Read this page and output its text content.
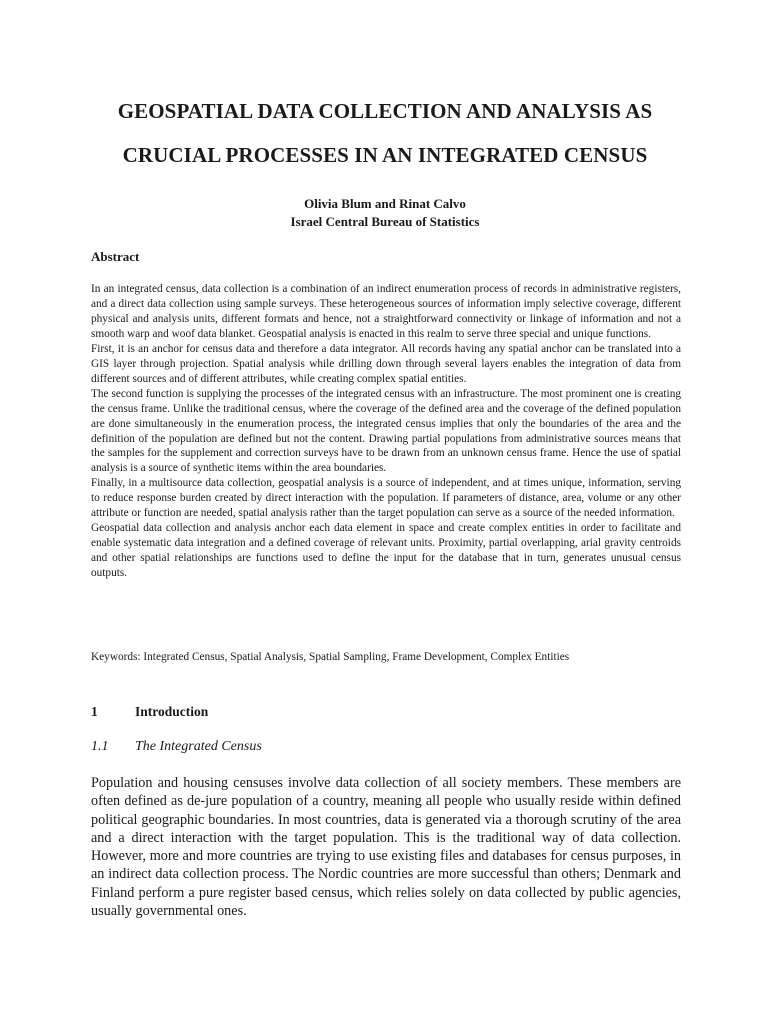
GEOSPATIAL DATA COLLECTION AND ANALYSIS AS
CRUCIAL PROCESSES IN AN INTEGRATED CENSUS
Olivia Blum and Rinat Calvo
Israel Central Bureau of Statistics
Abstract

In an integrated census, data collection is a combination of an indirect enumeration process of records in administrative registers, and a direct data collection using sample surveys. These heterogeneous sources of information imply selective coverage, different physical and analysis units, different formats and hence, not a straightforward connectivity or linkage of information and not a smooth warp and woof data blanket. Geospatial analysis is enacted in this realm to serve three special and unique functions.

First, it is an anchor for census data and therefore a data integrator. All records having any spatial anchor can be translated into a GIS layer through projection. Spatial analysis while drilling down through several layers enables the integration of data from different sources and of different attributes, while creating complex spatial entities.

The second function is supplying the processes of the integrated census with an infrastructure. The most prominent one is creating the census frame. Unlike the traditional census, where the coverage of the defined area and the coverage of the defined population are done simultaneously in the enumeration process, the integrated census implies that only the boundaries of the area and the definition of the population are defined but not the content. Drawing partial populations from administrative sources means that the samples for the supplement and correction surveys have to be drawn from an unknown census frame. Hence the use of spatial analysis is a source of synthetic items within the area boundaries.

Finally, in a multisource data collection, geospatial analysis is a source of independent, and at times unique, information, serving to reduce response burden created by direct interaction with the population. If parameters of distance, area, volume or any other attribute or function are needed, spatial analysis rather than the target population can serve as a source of the needed information.

Geospatial data collection and analysis anchor each data element in space and create complex entities in order to facilitate and enable systematic data integration and a defined coverage of relevant units. Proximity, partial overlapping, arial gravity centroids and other spatial relationships are functions used to define the input for the database that in turn, generates unusual census outputs.

Keywords: Integrated Census, Spatial Analysis, Spatial Sampling, Frame Development, Complex Entities
1	Introduction
1.1 The Integrated Census

Population and housing censuses involve data collection of all society members. These members are often defined as de-jure population of a country, meaning all people who usually reside within defined political geographic boundaries. In most countries, data is generated via a thorough scrutiny of the area and a direct interaction with the target population. This is the traditional way of data collection. However, more and more countries are trying to use existing files and databases for census purposes, in an indirect data collection process. The Nordic countries are more successful than others; Denmark and Finland perform a pure register based census, which relies solely on data collected by public agencies, usually governmental ones.
